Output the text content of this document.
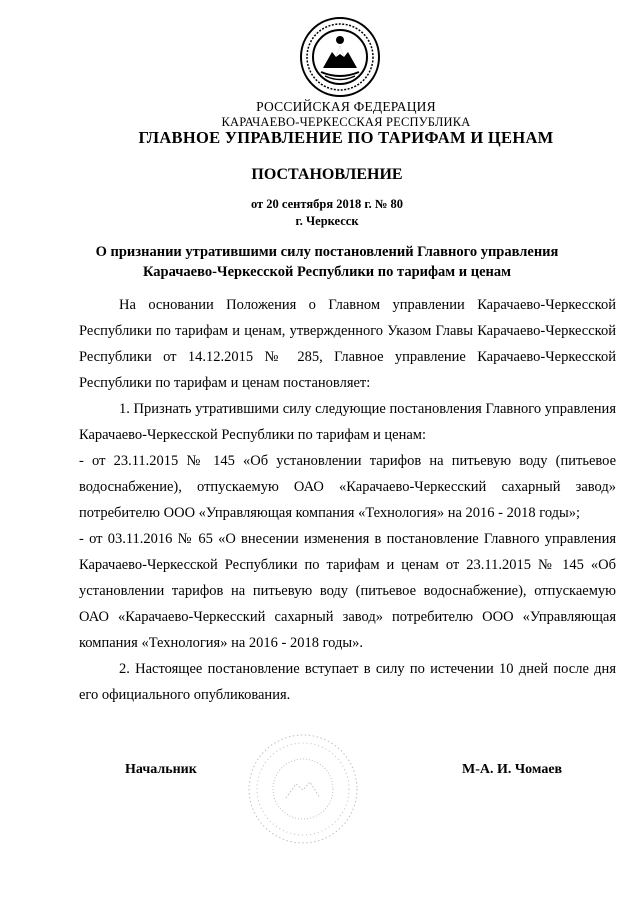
РОССИЙСКАЯ ФЕДЕРАЦИЯ
КАРАЧАЕВО-ЧЕРКЕССКАЯ РЕСПУБЛИКА
ГЛАВНОЕ УПРАВЛЕНИЕ ПО ТАРИФАМ И ЦЕНАМ
ПОСТАНОВЛЕНИЕ
от 20 сентября 2018 г. № 80
г. Черкесск
О признании утратившими силу постановлений Главного управления
Карачаево-Черкесской Республики по тарифам и ценам

На основании Положения о Главном управлении Карачаево-Черкесской Республики по тарифам и ценам, утвержденного Указом Главы Карачаево-Черкесской Республики от 14.12.2015 № 285, Главное управление Карачаево-Черкесской Республики по тарифам и ценам постановляет:

1. Признать утратившими силу следующие постановления Главного управления Карачаево-Черкесской Республики по тарифам и ценам:

- от 23.11.2015 № 145 «Об установлении тарифов на питьевую воду (питьевое водоснабжение), отпускаемую ОАО «Карачаево-Черкесский сахарный завод» потребителю ООО «Управляющая компания «Технология» на 2016 - 2018 годы»;

- от 03.11.2016 № 65 «О внесении изменения в постановление Главного управления Карачаево-Черкесской Республики по тарифам и ценам от 23.11.2015 № 145 «Об установлении тарифов на питьевую воду (питьевое водоснабжение), отпускаемую ОАО «Карачаево-Черкесский сахарный завод» потребителю ООО «Управляющая компания «Технология» на 2016 - 2018 годы».

2. Настоящее постановление вступает в силу по истечении 10 дней после дня его официального опубликования.

Начальник	М-А. И. Чомаев
